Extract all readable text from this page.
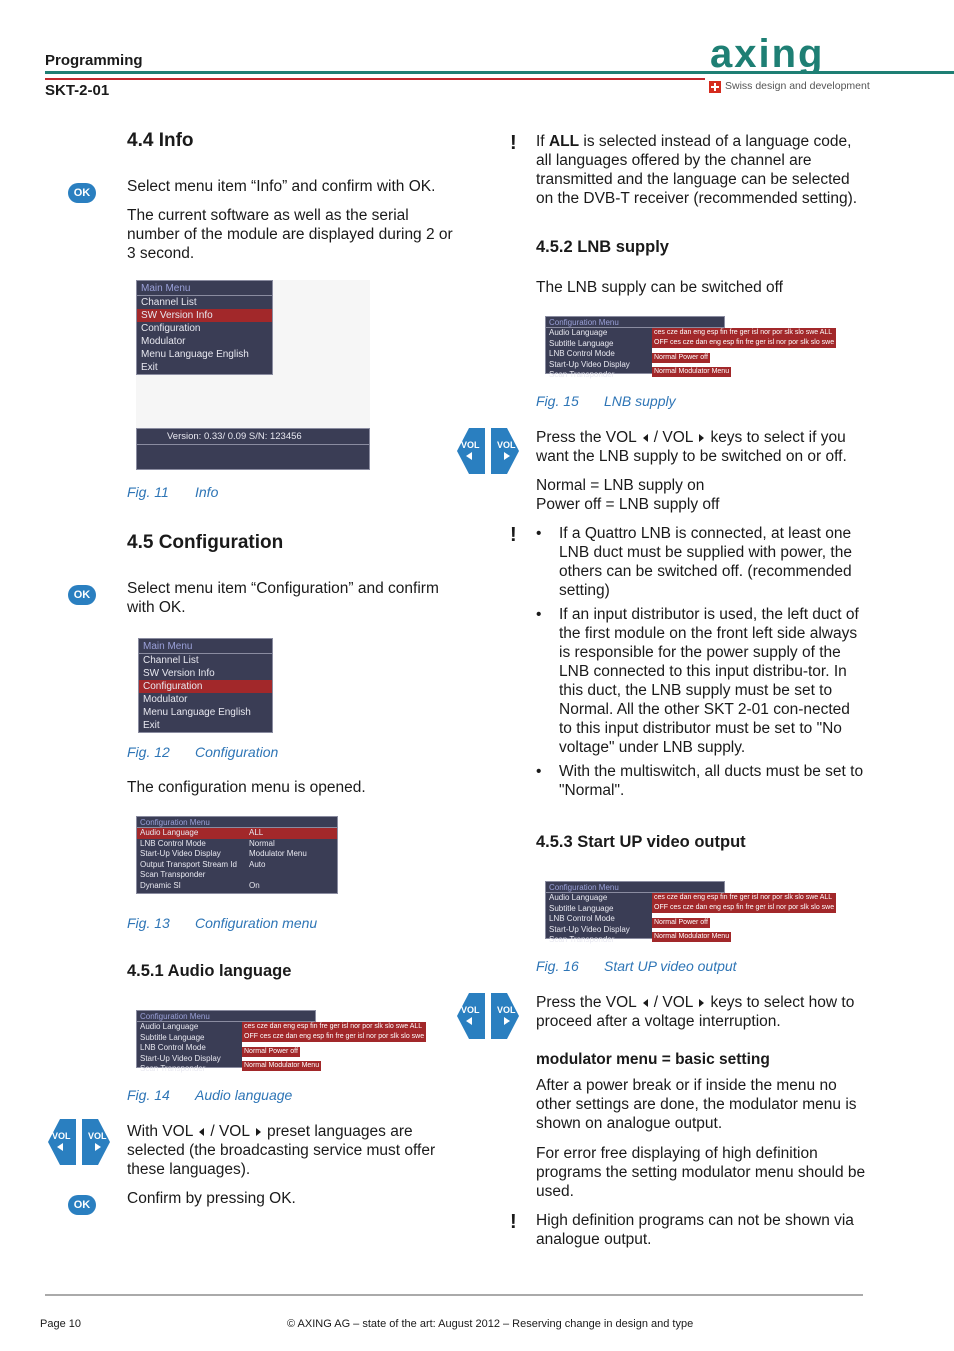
Programming
SKT-2-01
axing
Swiss design and development
4.4 Info
OK	Select menu item “Info” and confirm with OK.

The current software as well as the serial number of the module are displayed during 2 or 3 second.

Main Menu
Channel List
SW Version Info
Configuration
Modulator
Menu Language English
Exit
Version: 0.33/ 0.09 S/N: 123456
Fig. 11 Info
4.5 Configuration
OK	Select menu item “Configuration” and confirm with OK.

Main Menu
Channel List
SW Version Info
Configuration
Modulator
Menu Language English
Exit
Fig. 12 Configuration

The configuration menu is opened.

Configuration Menu
Audio Language	ALL
LNB Control Mode	Normal
Start-Up Video Display	Modulator Menu
Output Transport Stream Id	Auto
Scan Transponder
Dynamic SI	On
Fig. 13 Configuration menu
4.5.1 Audio language
Configuration Menu
Audio Language
Subtitle Language
LNB Control Mode
Start-Up Video Display
Scan Transponder
ces cze dan eng esp fin fre ger isl nor por slk slo swe ALL
OFF ces cze dan eng esp fin fre ger isl nor por slk slo swe
Normal Power off
Normal Modulator Menu
Fig. 14 Audio language
VOL VOL With VOL / VOL preset languages are selected (the broadcasting service must offer these languages).

OK	Confirm by pressing OK.

! If ALL is selected instead of a language code, all languages offered by the channel are transmitted and the language can be selected on the DVB-T receiver (recommended setting).

4.5.2 LNB supply

The LNB supply can be switched off

Configuration Menu
Audio Language
Subtitle Language
LNB Control Mode
Start-Up Video Display
Scan Transponder
ces cze dan eng esp fin fre ger isl nor por slk slo swe ALL
OFF ces cze dan eng esp fin fre ger isl nor por slk slo swe
Normal Power off
Normal Modulator Menu
Fig. 15 LNB supply
VOL VOL Press the VOL / VOL keys to select if you want the LNB supply to be switched on or off.

Normal = LNB supply on

Power off = LNB supply off

!
•	If a Quattro LNB is connected, at least one LNB duct must be supplied with power, the others can be switched off. (recommended setting)
• If an input distributor is used, the left duct of the first module on the front left side always is responsible for the power supply of the LNB connected to this input distribu-tor. In this duct, the LNB supply must be set to Normal. All the other SKT 2-01 con-nected to this input distributor must be set to "No voltage" under LNB supply.
• With the multiswitch, all ducts must be set to "Normal".
4.5.3 Start UP video output
Configuration Menu
Audio Language
Subtitle Language
LNB Control Mode
Start-Up Video Display
Scan Transponder
ces cze dan eng esp fin fre ger isl nor por slk slo swe ALL
OFF ces cze dan eng esp fin fre ger isl nor por slk slo swe
Normal Power off
Normal Modulator Menu
Fig. 16 Start UP video output
VOL VOL Press the VOL / VOL keys to select how to proceed after a voltage interruption.

modulator menu = basic setting

After a power break or if inside the menu no other settings are done, the modulator menu is shown on analogue output.

For error free displaying of high definition programs the setting modulator menu should be used.

! High definition programs can not be shown via analogue output.

Page 10	© AXING AG – state of the art: August 2012 – Reserving change in design and type
